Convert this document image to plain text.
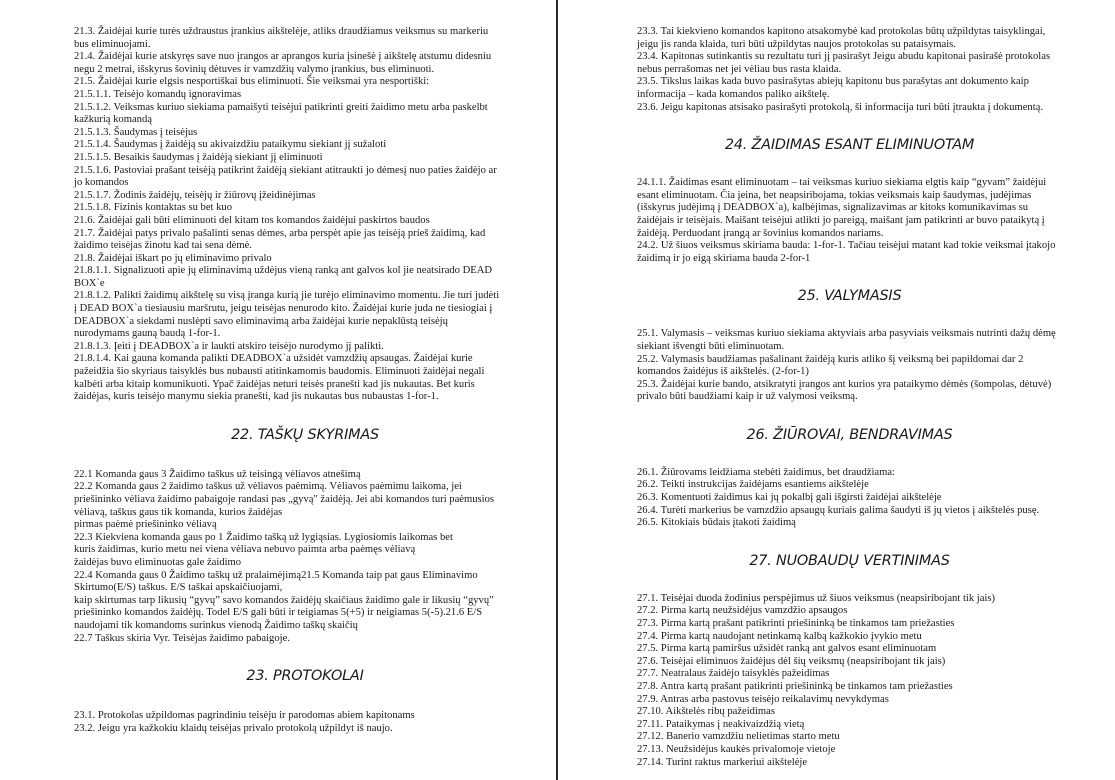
21.3. Žaidėjai kurie turės uždraustus įrankius aikštelėje, atliks draudžiamus veiksmus su markeriu
bus eliminuojami.
21.4. Žaidėjai kurie atskyręs save nuo įrangos ar aprangos kuria įsinešė į aikštelę atstumu didesniu
negu 2 metrai, išskyrus šovinių dėtuves ir vamzdžių valymo įrankius, bus eliminuoti.
21.5. Žaidėjai kurie elgsis nesportiškai bus eliminuoti. Šie veiksmai yra nesportiški:
21.5.1.1. Teisėjo komandų ignoravimas
21.5.1.2. Veiksmas kuriuo siekiama pamaišyti teisėjui patikrinti greiti žaidimo metu arba paskelbt
kažkurią komandą
21.5.1.3. Šaudymas į teisėjus
21.5.1.4. Šaudymas į žaidėją su akivaizdžiu pataikymu siekiant jį sužaloti
21.5.1.5. Besaikis šaudymas į žaidėją siekiant jį eliminuoti
21.5.1.6. Pastoviai prašant teisėją patikrint žaidėją siekiant atitraukti jo dėmesį nuo paties žaidėjo ar
jo komandos
21.5.1.7. Žodinis žaidėjų, teisėjų ir žiūrovų įžeidinėjimas
21.5.1.8. Fizinis kontaktas su bet kuo
21.6. Žaidėjai gali būti eliminuoti del kitam tos komandos žaidėjui paskirtos baudos
21.7. Žaidėjai patys privalo pašalinti senas dėmes, arba perspėt apie jas teisėją prieš žaidimą, kad
žaidimo teisėjas žinotu kad tai sena dėmė.
21.8. Žaidėjai iškart po jų eliminavimo privalo
21.8.1.1. Signalizuoti apie jų eliminavimą uždėjus vieną ranką ant galvos kol jie neatsirado DEAD
BOX`e
21.8.1.2. Palikti žaidimų aikštelę su visą įranga kurią jie turėjo eliminavimo momentu. Jie turi judėti
į DEAD BOX`a tiesiausiu maršrutu, jeigu teisėjas nenurodo kito. Žaidėjai kurie juda ne tiesiogiai į
DEADBOX`a siekdami nuslėpti savo eliminavimą arba žaidėjai kurie nepaklūstą teisėjų
nurodymams gauną baudą 1-for-1.
21.8.1.3. Įeiti į DEADBOX`a ir laukti atskiro teisėjo nurodymo jį palikti.
21.8.1.4. Kai gauna komanda palikti DEADBOX`a užsidėt vamzdžių apsaugas. Žaidėjai kurie
pažeidžia šio skyriaus taisyklės bus nubausti atitinkamomis baudomis. Eliminuoti žaidėjai negali
kalbėti arba kitaip komunikuoti. Ypač žaidėjas neturi teisės pranešti kad jis nukautas. Bet kuris
žaidėjas, kuris teisėjo manymu siekia pranešti, kad jis nukautas bus nubaustas 1-for-1.
22. TAŠKŲ SKYRIMAS
22.1 Komanda gaus 3 Žaidimo taškus už teisingą vėliavos atnešimą
22.2 Komanda gaus 2 žaidimo taškus už vėliavos paėmimą. Vėliavos paėmimu laikoma, jei
priešininko vėliava žaidimo pabaigoje randasi pas „gyvą" žaidėją. Jei abi komandos turi paėmusios
vėliavą, taškus gaus tik komanda, kurios žaidėjas
pirmas paėmė priešininko vėliavą
22.3 Kiekviena komanda gaus po 1 Žaidimo tašką už lygiąsias. Lygiosiomis laikomas bet
kuris žaidimas, kurio metu nei viena vėliava nebuvo paimta arba paėmęs vėliavą
žaidėjas buvo eliminuotas gale žaidimo
22.4 Komanda gaus 0 Žaidimo taškų už pralaimėjimą21.5 Komanda taip pat gaus Eliminavimo
Skirtumo(E/S) taškus. E/S taškai apskaičiuojami,
kaip skirtumas tarp likusių “gyvų” savo komandos žaidėjų skaičiaus žaidimo gale ir likusių “gyvų”
priešininko komandos žaidėjų. Todel E/S gali būti ir teigiamas 5(+5) ir neigiamas 5(-5).21.6 E/S
naudojami tik komandoms surinkus vienodą Žaidimo taškų skaičių
22.7 Taškus skiria Vyr. Teisėjas žaidimo pabaigoje.
23. PROTOKOLAI
23.1. Protokolas užpildomas pagrindiniu teisėju ir parodomas abiem kapitonams
23.2. Jeigu yra kažkokiu klaidų teisėjas privalo protokolą užpildyt iš naujo.
23.3. Tai kiekvieno komandos kapitono atsakomybė kad protokolas būtų užpildytas taisyklingai,
jeigu jis randa klaida, turi būti užpildytas naujos protokolas su pataisymais.
23.4. Kapitonas sutinkantis su rezultatu turi jį pasirašyt Jeigu abudu kapitonai pasirašė protokolas
nebus perrašomas net jei vėliau bus rasta klaida.
23.5. Tikslus laikas kada buvo pasirašytas abiejų kapitonu bus parašytas ant dokumento kaip
informacija – kada komandos paliko aikštelę.
23.6. Jeigu kapitonas atsisako pasirašyti protokolą, ši informacija turi būti įtraukta į dokumentą.
24. ŽAIDIMAS ESANT ELIMINUOTAM
24.1.1. Žaidimas esant eliminuotam – tai veiksmas kuriuo siekiama elgtis kaip “gyvam” žaidėjui
esant eliminuotam. Čia įeina, bet neapsiribojama, tokias veiksmais kaip šaudymas, judėjimas
(išskyrus judėjimą į DEADBOX`a), kalbėjimas, signalizavimas ar kitoks komunikavimas su
žaidėjais ir teisėjais. Maišant teisėjui atlikti jo pareigą, maišant jam patikrinti ar buvo pataikytą į
žaidėją. Perduodant įrangą ar šovinius komandos nariams.
24.2. Už šiuos veiksmus skiriama bauda: 1-for-1. Tačiau teisėjui matant kad tokie veiksmai įtakojo
žaidimą ir jo eigą skiriama bauda 2-for-1
25. VALYMASIS
25.1. Valymasis – veiksmas kuriuo siekiama aktyviais arba pasyviais veiksmais nutrinti dažų dėmę
siekiant išvengti būti eliminuotam.
25.2. Valymasis baudžiamas pašalinant žaidėją kuris atliko šį veiksmą bei papildomai dar 2
komandos žaidėjus iš aikštelės. (2-for-1)
25.3. Žaidėjai kurie bando, atsikratyti įrangos ant kurios yra pataikymo dėmės (šompolas, dėtuvė)
privalo būti baudžiami kaip ir už valymosi veiksmą.
26. ŽIŪROVAI, BENDRAVIMAS
26.1. Žiūrovams leidžiama stebėti žaidimus, bet draudžiama:
26.2. Teikti instrukcijas žaidėjams esantiems aikštelėje
26.3. Komentuoti žaidimus kai jų pokalbį gali išgirsti žaidėjai aikštelėje
26.4. Turėti markerius be vamzdžio apsaugų kuriais galima šaudyti iš jų vietos į aikštelės pusę.
26.5. Kitokiais būdais įtakoti žaidimą
27. NUOBAUDŲ VERTINIMAS
27.1. Teisėjai duoda žodinius perspėjimus už šiuos veiksmus (neapsiribojant tik jais)
27.2. Pirma kartą neužsidėjus vamzdžio apsaugos
27.3. Pirma kartą prašant patikrinti priešininką be tinkamos tam priežasties
27.4. Pirma kartą naudojant netinkamą kalbą kažkokio įvykio metu
27.5. Pirma kartą pamiršus užsidėt ranką ant galvos esant eliminuotam
27.6. Teisėjai eliminuos žaidėjus dėl šių veiksmų (neapsiribojant tik jais)
27.7. Neatralaus žaidėjo taisyklės pažeidimas
27.8. Antra kartą prašant patikrinti priešininką be tinkamos tam priežasties
27.9. Antras arba pastovus teisėjo reikalavimų nevykdymas
27.10. Aikštelės ribų pažeidimas
27.11. Pataikymas į neakivaizdžią vietą
27.12. Banerio vamzdžiu nelietimas starto metu
27.13. Neužsidėjus kaukės privalomoje vietoje
27.14. Turint raktus markeriui aikštelėje
